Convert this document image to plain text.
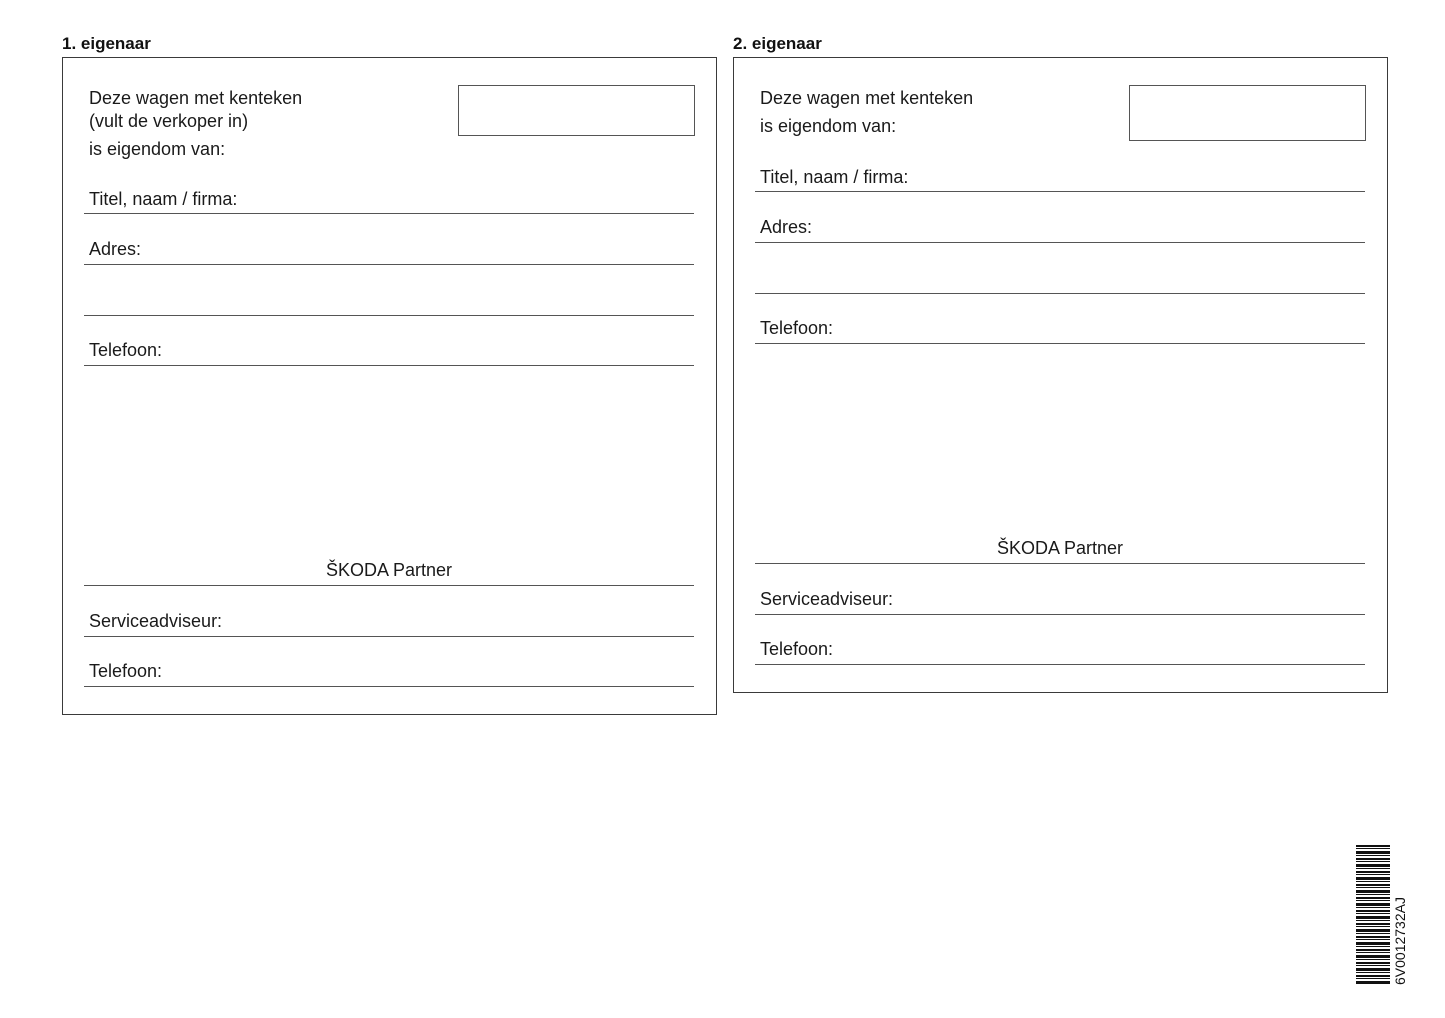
1. eigenaar
Deze wagen met kenteken
(vult de verkoper in)
is eigendom van:
Titel, naam / firma:
Adres:
Telefoon:
ŠKODA Partner
Serviceadviseur:
Telefoon:
2. eigenaar
Deze wagen met kenteken
is eigendom van:
Titel, naam / firma:
Adres:
Telefoon:
ŠKODA Partner
Serviceadviseur:
Telefoon:
6V0012732AJ
